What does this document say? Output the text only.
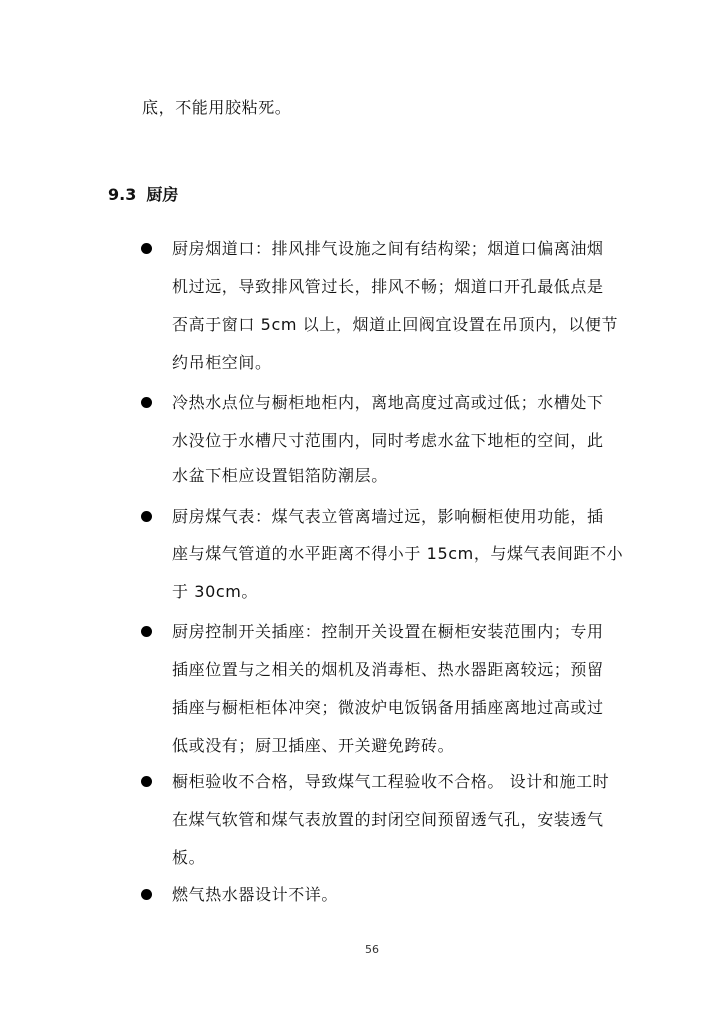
底，不能用胶粘死。
9.3 厨房
厨房烟道口：排风排气设施之间有结构梁；烟道口偏离油烟
机过远，导致排风管过长，排风不畅；烟道口开孔最低点是
否高于窗口 5cm 以上，烟道止回阀宜设置在吊顶内，以便节
约吊柜空间。
冷热水点位与橱柜地柜内，离地高度过高或过低；水槽处下
水没位于水槽尺寸范围内，同时考虑水盆下地柜的空间，此
水盆下柜应设置铝箔防潮层。
厨房煤气表：煤气表立管离墙过远，影响橱柜使用功能，插
座与煤气管道的水平距离不得小于 15cm，与煤气表间距不小
于 30cm。
厨房控制开关插座：控制开关设置在橱柜安装范围内；专用
插座位置与之相关的烟机及消毒柜、热水器距离较远；预留
插座与橱柜柜体冲突；微波炉电饭锅备用插座离地过高或过
低或没有；厨卫插座、开关避免跨砖。
橱柜验收不合格，导致煤气工程验收不合格。 设计和施工时
在煤气软管和煤气表放置的封闭空间预留透气孔，安装透气
板。
燃气热水器设计不详。
56
